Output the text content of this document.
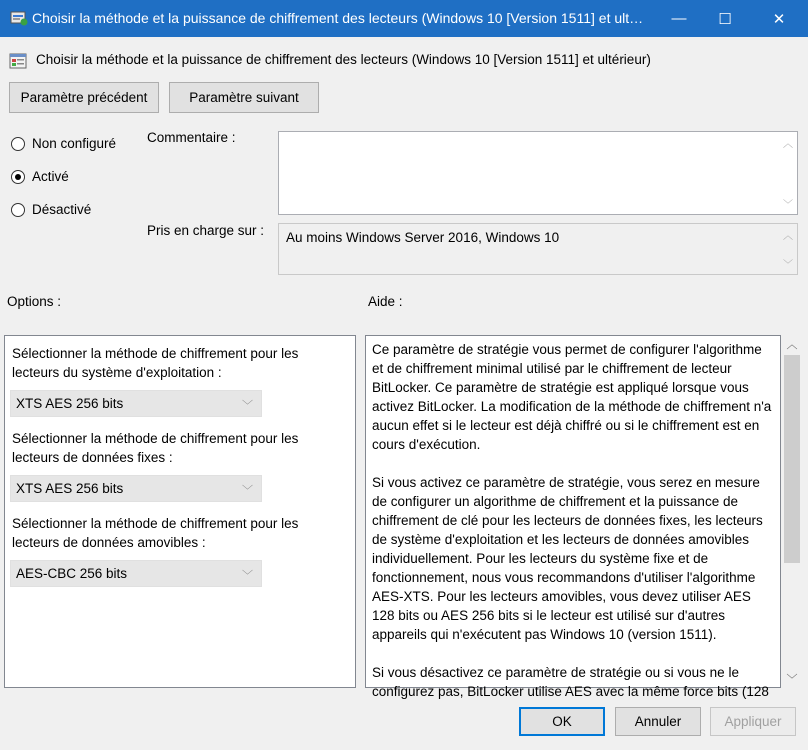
Choisir la méthode et la puissance de chiffrement des lecteurs (Windows 10 [Version 1511] et ult…	— ☐	✕
Choisir la méthode et la puissance de chiffrement des lecteurs (Windows 10 [Version 1511] et ultérieur)
Paramètre précédent	Paramètre suivant
Non configuré
Activé
Désactivé
Commentaire :	︿
﹀
Pris en charge sur : Au moins Windows Server 2016, Windows 10	︿
﹀
Options :	Aide :
Sélectionner la méthode de chiffrement pour les lecteurs du système d'exploitation :
XTS AES 256 bits	﹀
Sélectionner la méthode de chiffrement pour les lecteurs de données fixes :
XTS AES 256 bits	﹀
Sélectionner la méthode de chiffrement pour les lecteurs de données amovibles :
AES-CBC 256 bits	﹀

Ce paramètre de stratégie vous permet de configurer l'algorithme et de chiffrement minimal utilisé par le chiffrement de lecteur BitLocker. Ce paramètre de stratégie est appliqué lorsque vous activez BitLocker. La modification de la méthode de chiffrement n'a aucun effet si le lecteur est déjà chiffré ou si le chiffrement est en cours d'exécution.

Si vous activez ce paramètre de stratégie, vous serez en mesure de configurer un algorithme de chiffrement et la puissance de chiffrement de clé pour les lecteurs de données fixes, les lecteurs de système d'exploitation et les lecteurs de données amovibles individuellement. Pour les lecteurs du système fixe et de fonctionnement, nous vous recommandons d'utiliser l'algorithme AES-XTS. Pour les lecteurs amovibles, vous devez utiliser AES 128 bits ou AES 256 bits si le lecteur est utilisé sur d'autres appareils qui n'exécutent pas Windows 10 (version 1511).

Si vous désactivez ce paramètre de stratégie ou si vous ne le configurez pas, BitLocker utilise AES avec la même force bits (128

︿
﹀
OK	Annuler	Appliquer
